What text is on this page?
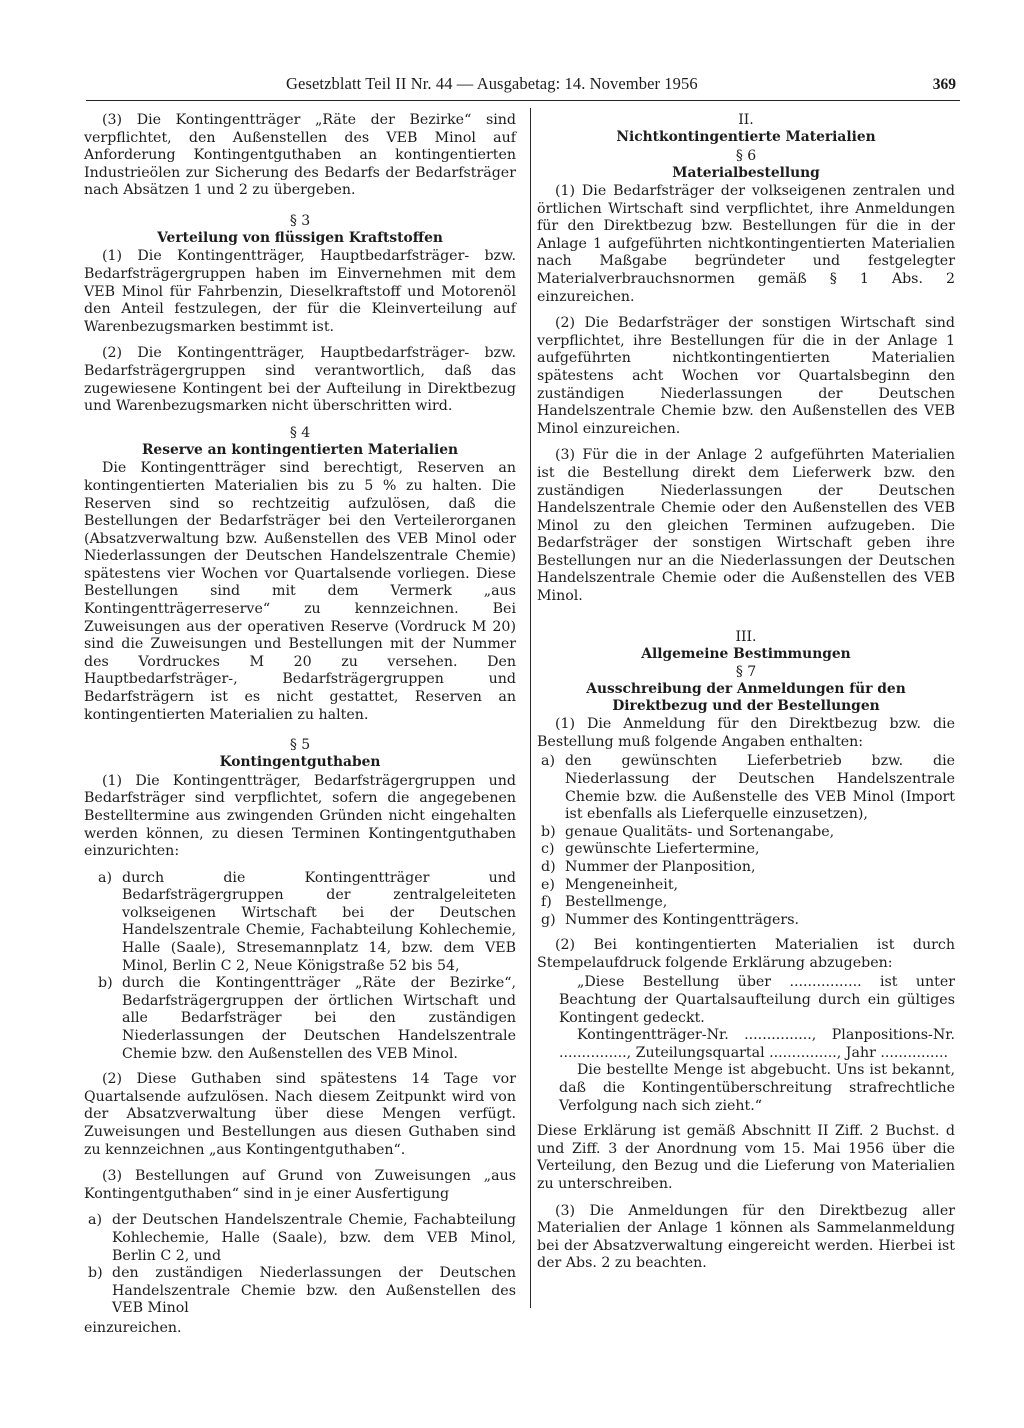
Gesetzblatt Teil II Nr. 44 — Ausgabetag: 14. November 1956	369

(3) Die Kontingentträger „Räte der Bezirke“ sind verpflichtet, den Außenstellen des VEB Minol auf Anforderung Kontingentguthaben an kontingentierten Industrieölen zur Sicherung des Bedarfs der Bedarfsträger nach Absätzen 1 und 2 zu übergeben.

§ 3
Verteilung von flüssigen Kraftstoffen

(1) Die Kontingentträger, Hauptbedarfsträger- bzw. Bedarfsträgergruppen haben im Einvernehmen mit dem VEB Minol für Fahrbenzin, Dieselkraftstoff und Motorenöl den Anteil festzulegen, der für die Kleinverteilung auf Warenbezugsmarken bestimmt ist.

(2) Die Kontingentträger, Hauptbedarfsträger- bzw. Bedarfsträgergruppen sind verantwortlich, daß das zugewiesene Kontingent bei der Aufteilung in Direktbezug und Warenbezugsmarken nicht überschritten wird.

§ 4
Reserve an kontingentierten Materialien

Die Kontingentträger sind berechtigt, Reserven an kontingentierten Materialien bis zu 5 % zu halten. Die Reserven sind so rechtzeitig aufzulösen, daß die Bestellungen der Bedarfsträger bei den Verteilerorganen (Absatzverwaltung bzw. Außenstellen des VEB Minol oder Niederlassungen der Deutschen Handelszentrale Chemie) spätestens vier Wochen vor Quartalsende vorliegen. Diese Bestellungen sind mit dem Vermerk „aus Kontingentträgerreserve“ zu kennzeichnen. Bei Zuweisungen aus der operativen Reserve (Vordruck M 20) sind die Zuweisungen und Bestellungen mit der Nummer des Vordruckes M 20 zu versehen. Den Hauptbedarfsträger-, Bedarfsträgergruppen und Bedarfsträgern ist es nicht gestattet, Reserven an kontingentierten Materialien zu halten.

§ 5
Kontingentguthaben

(1) Die Kontingentträger, Bedarfsträgergruppen und Bedarfsträger sind verpflichtet, sofern die angegebenen Bestelltermine aus zwingenden Gründen nicht eingehalten werden können, zu diesen Terminen Kontingentguthaben einzurichten:

a) durch die Kontingentträger und Bedarfsträgergruppen der zentralgeleiteten volkseigenen Wirtschaft bei der Deutschen Handelszentrale Chemie, Fachabteilung Kohlechemie, Halle (Saale), Stresemannplatz 14, bzw. dem VEB Minol, Berlin C 2, Neue Königstraße 52 bis 54,
b) durch die Kontingentträger „Räte der Bezirke“, Bedarfsträgergruppen der örtlichen Wirtschaft und alle Bedarfsträger bei den zuständigen Niederlassungen der Deutschen Handelszentrale Chemie bzw. den Außenstellen des VEB Minol.

(2) Diese Guthaben sind spätestens 14 Tage vor Quartalsende aufzulösen. Nach diesem Zeitpunkt wird von der Absatzverwaltung über diese Mengen verfügt. Zuweisungen und Bestellungen aus diesen Guthaben sind zu kennzeichnen „aus Kontingentguthaben“.

(3) Bestellungen auf Grund von Zuweisungen „aus Kontingentguthaben“ sind in je einer Ausfertigung

a) der Deutschen Handelszentrale Chemie, Fachabteilung Kohlechemie, Halle (Saale), bzw. dem VEB Minol, Berlin C 2, und
b) den zuständigen Niederlassungen der Deutschen Handelszentrale Chemie bzw. den Außenstellen des VEB Minol

einzureichen.

II.
Nichtkontingentierte Materialien
§ 6
Materialbestellung

(1) Die Bedarfsträger der volkseigenen zentralen und örtlichen Wirtschaft sind verpflichtet, ihre Anmeldungen für den Direktbezug bzw. Bestellungen für die in der Anlage 1 aufgeführten nichtkontingentierten Materialien nach Maßgabe begründeter und festgelegter Materialverbrauchsnormen gemäß § 1 Abs. 2 einzureichen.

(2) Die Bedarfsträger der sonstigen Wirtschaft sind verpflichtet, ihre Bestellungen für die in der Anlage 1 aufgeführten nichtkontingentierten Materialien spätestens acht Wochen vor Quartalsbeginn den zuständigen Niederlassungen der Deutschen Handelszentrale Chemie bzw. den Außenstellen des VEB Minol einzureichen.

(3) Für die in der Anlage 2 aufgeführten Materialien ist die Bestellung direkt dem Lieferwerk bzw. den zuständigen Niederlassungen der Deutschen Handelszentrale Chemie oder den Außenstellen des VEB Minol zu den gleichen Terminen aufzugeben. Die Bedarfsträger der sonstigen Wirtschaft geben ihre Bestellungen nur an die Niederlassungen der Deutschen Handelszentrale Chemie oder die Außenstellen des VEB Minol.

III.
Allgemeine Bestimmungen
§ 7
Ausschreibung der Anmeldungen für den Direktbezug und der Bestellungen

(1) Die Anmeldung für den Direktbezug bzw. die Bestellung muß folgende Angaben enthalten:

a) den gewünschten Lieferbetrieb bzw. die Niederlassung der Deutschen Handelszentrale Chemie bzw. die Außenstelle des VEB Minol (Import ist ebenfalls als Lieferquelle einzusetzen),
b) genaue Qualitäts- und Sortenangabe,
c) gewünschte Liefertermine,
d) Nummer der Planposition,
e) Mengeneinheit,
f) Bestellmenge,
g) Nummer des Kontingentträgers.

(2) Bei kontingentierten Materialien ist durch Stempelaufdruck folgende Erklärung abzugeben:

„Diese Bestellung über ................ ist unter Beachtung der Quartalsaufteilung durch ein gültiges Kontingent gedeckt.

Kontingentträger-Nr. ..............., Planpositions-Nr. ..............., Zuteilungsquartal ..............., Jahr ...............

Die bestellte Menge ist abgebucht. Uns ist bekannt, daß die Kontingentüberschreitung strafrechtliche Verfolgung nach sich zieht.“

Diese Erklärung ist gemäß Abschnitt II Ziff. 2 Buchst. d und Ziff. 3 der Anordnung vom 15. Mai 1956 über die Verteilung, den Bezug und die Lieferung von Materialien zu unterschreiben.

(3) Die Anmeldungen für den Direktbezug aller Materialien der Anlage 1 können als Sammelanmeldung bei der Absatzverwaltung eingereicht werden. Hierbei ist der Abs. 2 zu beachten.
